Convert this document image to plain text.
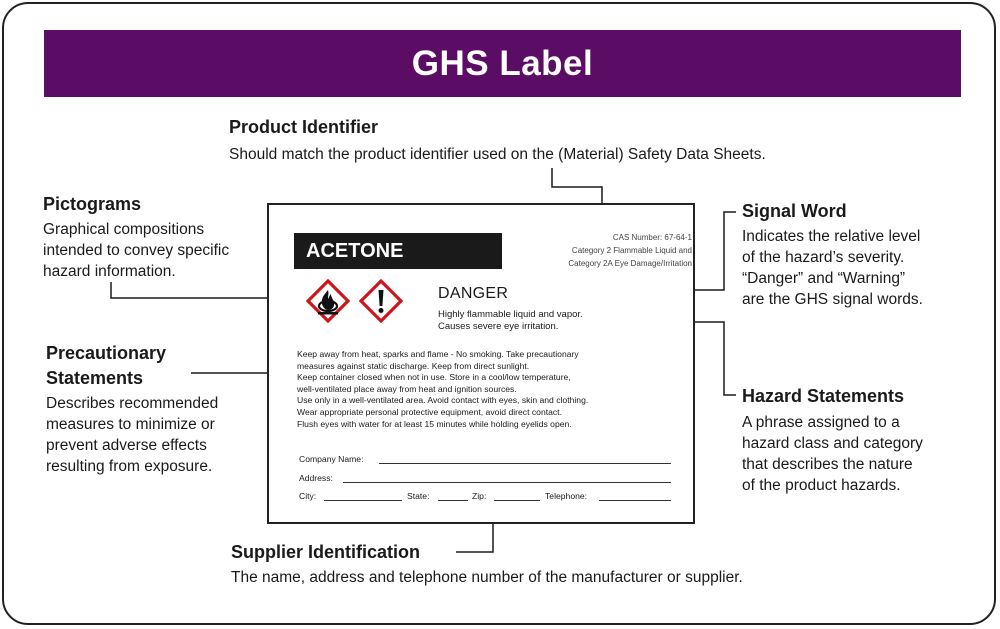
GHS Label
Product Identifier
Should match the product identifier used on the (Material) Safety Data Sheets.
Pictograms
Graphical compositions
intended to convey specific
hazard information.
Precautionary
Statements
Describes recommended
measures to minimize or
prevent adverse effects
resulting from exposure.
Signal Word
Indicates the relative level
of the hazard’s severity.
“Danger” and “Warning”
are the GHS signal words.
Hazard Statements
A phrase assigned to a
hazard class and category
that describes the nature
of the product hazards.
Supplier Identification
The name, address and telephone number of the manufacturer or supplier.
ACETONE
CAS Number: 67-64-1
Category 2 Flammable Liquid and
Category 2A Eye Damage/Irritation
DANGER
Highly flammable liquid and vapor.
Causes severe eye irritation.
Keep away from heat, sparks and flame - No smoking. Take precautionary
measures against static discharge. Keep from direct sunlight.
Keep container closed when not in use. Store in a cool/low temperature,
well-ventilated place away from heat and ignition sources.
Use only in a well-ventilated area. Avoid contact with eyes, skin and clothing.
Wear appropriate personal protective equipment, avoid direct contact.
Flush eyes with water for at least 15 minutes while holding eyelids open.
Company Name:
Address:
City:	State:	Zip:	Telephone:
